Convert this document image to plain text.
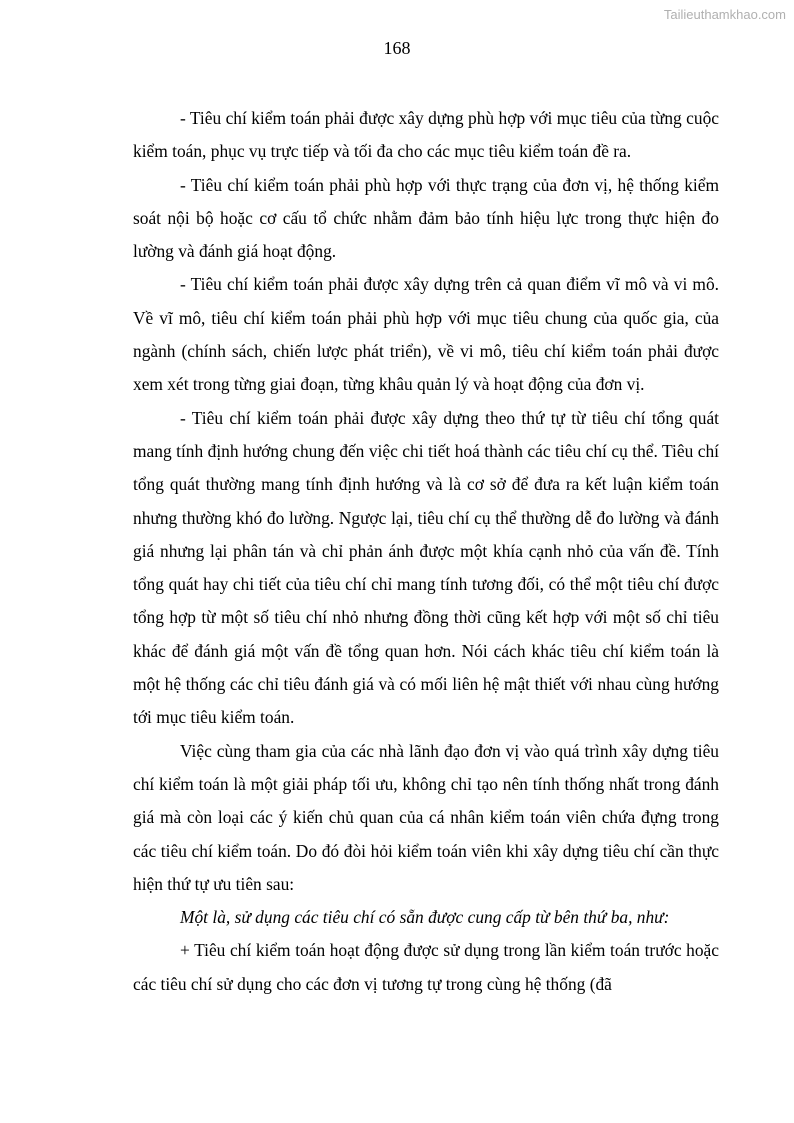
Tailieuthamkhao.com
168

- Tiêu chí kiểm toán phải được xây dựng phù hợp với mục tiêu của từng cuộc kiểm toán, phục vụ trực tiếp và tối đa cho các mục tiêu kiểm toán đề ra.

- Tiêu chí kiểm toán phải phù hợp với thực trạng của đơn vị, hệ thống kiểm soát nội bộ hoặc cơ cấu tổ chức nhằm đảm bảo tính hiệu lực trong thực hiện đo lường và đánh giá hoạt động.

- Tiêu chí kiểm toán phải được xây dựng trên cả quan điểm vĩ mô và vi mô. Về vĩ mô, tiêu chí kiểm toán phải phù hợp với mục tiêu chung của quốc gia, của ngành (chính sách, chiến lược phát triển), về vi mô, tiêu chí kiểm toán phải được xem xét trong từng giai đoạn, từng khâu quản lý và hoạt động của đơn vị.

- Tiêu chí kiểm toán phải được xây dựng theo thứ tự từ tiêu chí tổng quát mang tính định hướng chung đến việc chi tiết hoá thành các tiêu chí cụ thể. Tiêu chí tổng quát thường mang tính định hướng và là cơ sở để đưa ra kết luận kiểm toán nhưng thường khó đo lường. Ngược lại, tiêu chí cụ thể thường dễ đo lường và đánh giá nhưng lại phân tán và chỉ phản ánh được một khía cạnh nhỏ của vấn đề. Tính tổng quát hay chi tiết của tiêu chí chỉ mang tính tương đối, có thể một tiêu chí được tổng hợp từ một số tiêu chí nhỏ nhưng đồng thời cũng kết hợp với một số chỉ tiêu khác để đánh giá một vấn đề tổng quan hơn. Nói cách khác tiêu chí kiểm toán là một hệ thống các chỉ tiêu đánh giá và có mối liên hệ mật thiết với nhau cùng hướng tới mục tiêu kiểm toán.

Việc cùng tham gia của các nhà lãnh đạo đơn vị vào quá trình xây dựng tiêu chí kiểm toán là một giải pháp tối ưu, không chỉ tạo nên tính thống nhất trong đánh giá mà còn loại các ý kiến chủ quan của cá nhân kiểm toán viên chứa đựng trong các tiêu chí kiểm toán. Do đó đòi hỏi kiểm toán viên khi xây dựng tiêu chí cần thực hiện thứ tự ưu tiên sau:

Một là, sử dụng các tiêu chí có sẵn được cung cấp từ bên thứ ba, như:

+ Tiêu chí kiểm toán hoạt động được sử dụng trong lần kiểm toán trước hoặc các tiêu chí sử dụng cho các đơn vị tương tự trong cùng hệ thống (đã
